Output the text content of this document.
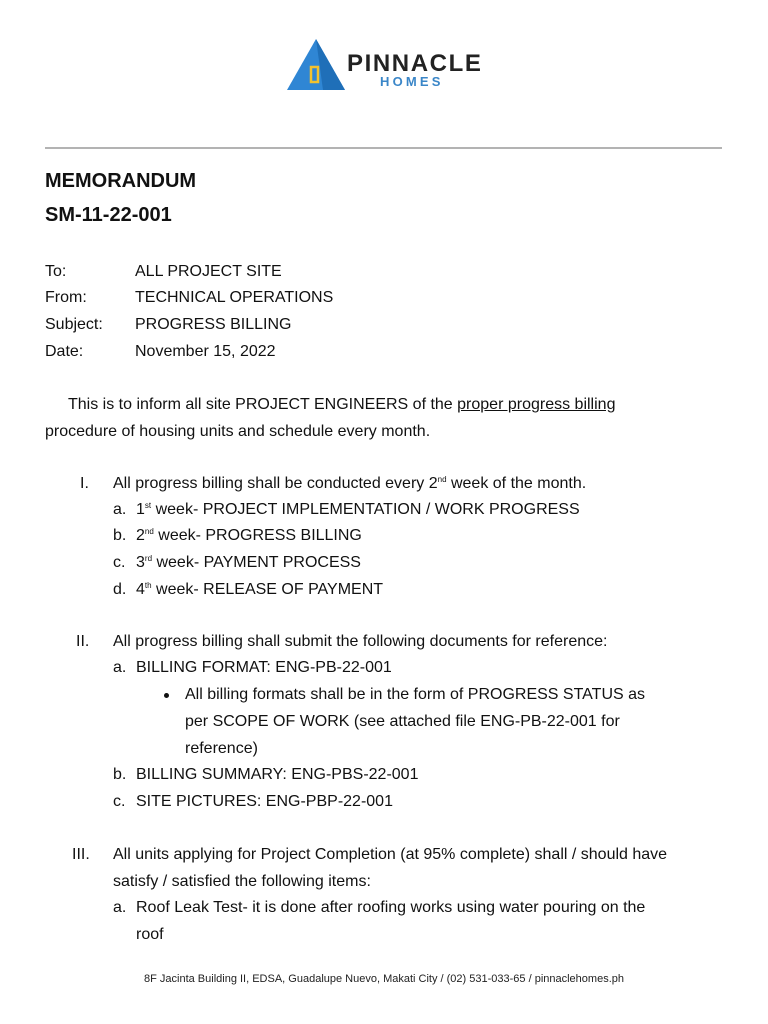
PINNACLE
HOMES
MEMORANDUM
SM-11-22-001
To:	ALL PROJECT SITE
From:	TECHNICAL OPERATIONS
Subject: PROGRESS BILLING
Date:	November 15, 2022
This is to inform all site PROJECT ENGINEERS of the proper progress billing
procedure of housing units and schedule every month.
I. All progress billing shall be conducted every 2nd week of the month.
a. 1st week- PROJECT IMPLEMENTATION / WORK PROGRESS
b. 2nd week- PROGRESS BILLING
c. 3rd week- PAYMENT PROCESS
d. 4th week- RELEASE OF PAYMENT
II. All progress billing shall submit the following documents for reference:
a. BILLING FORMAT: ENG-PB-22-001
All billing formats shall be in the form of PROGRESS STATUS as
per SCOPE OF WORK (see attached file ENG-PB-22-001 for
reference)
b. BILLING SUMMARY: ENG-PBS-22-001
c. SITE PICTURES: ENG-PBP-22-001
III. All units applying for Project Completion (at 95% complete) shall / should have
satisfy / satisfied the following items:
a. Roof Leak Test- it is done after roofing works using water pouring on the
roof
8F Jacinta Building II, EDSA, Guadalupe Nuevo, Makati City / (02) 531-033-65 / pinnaclehomes.ph
